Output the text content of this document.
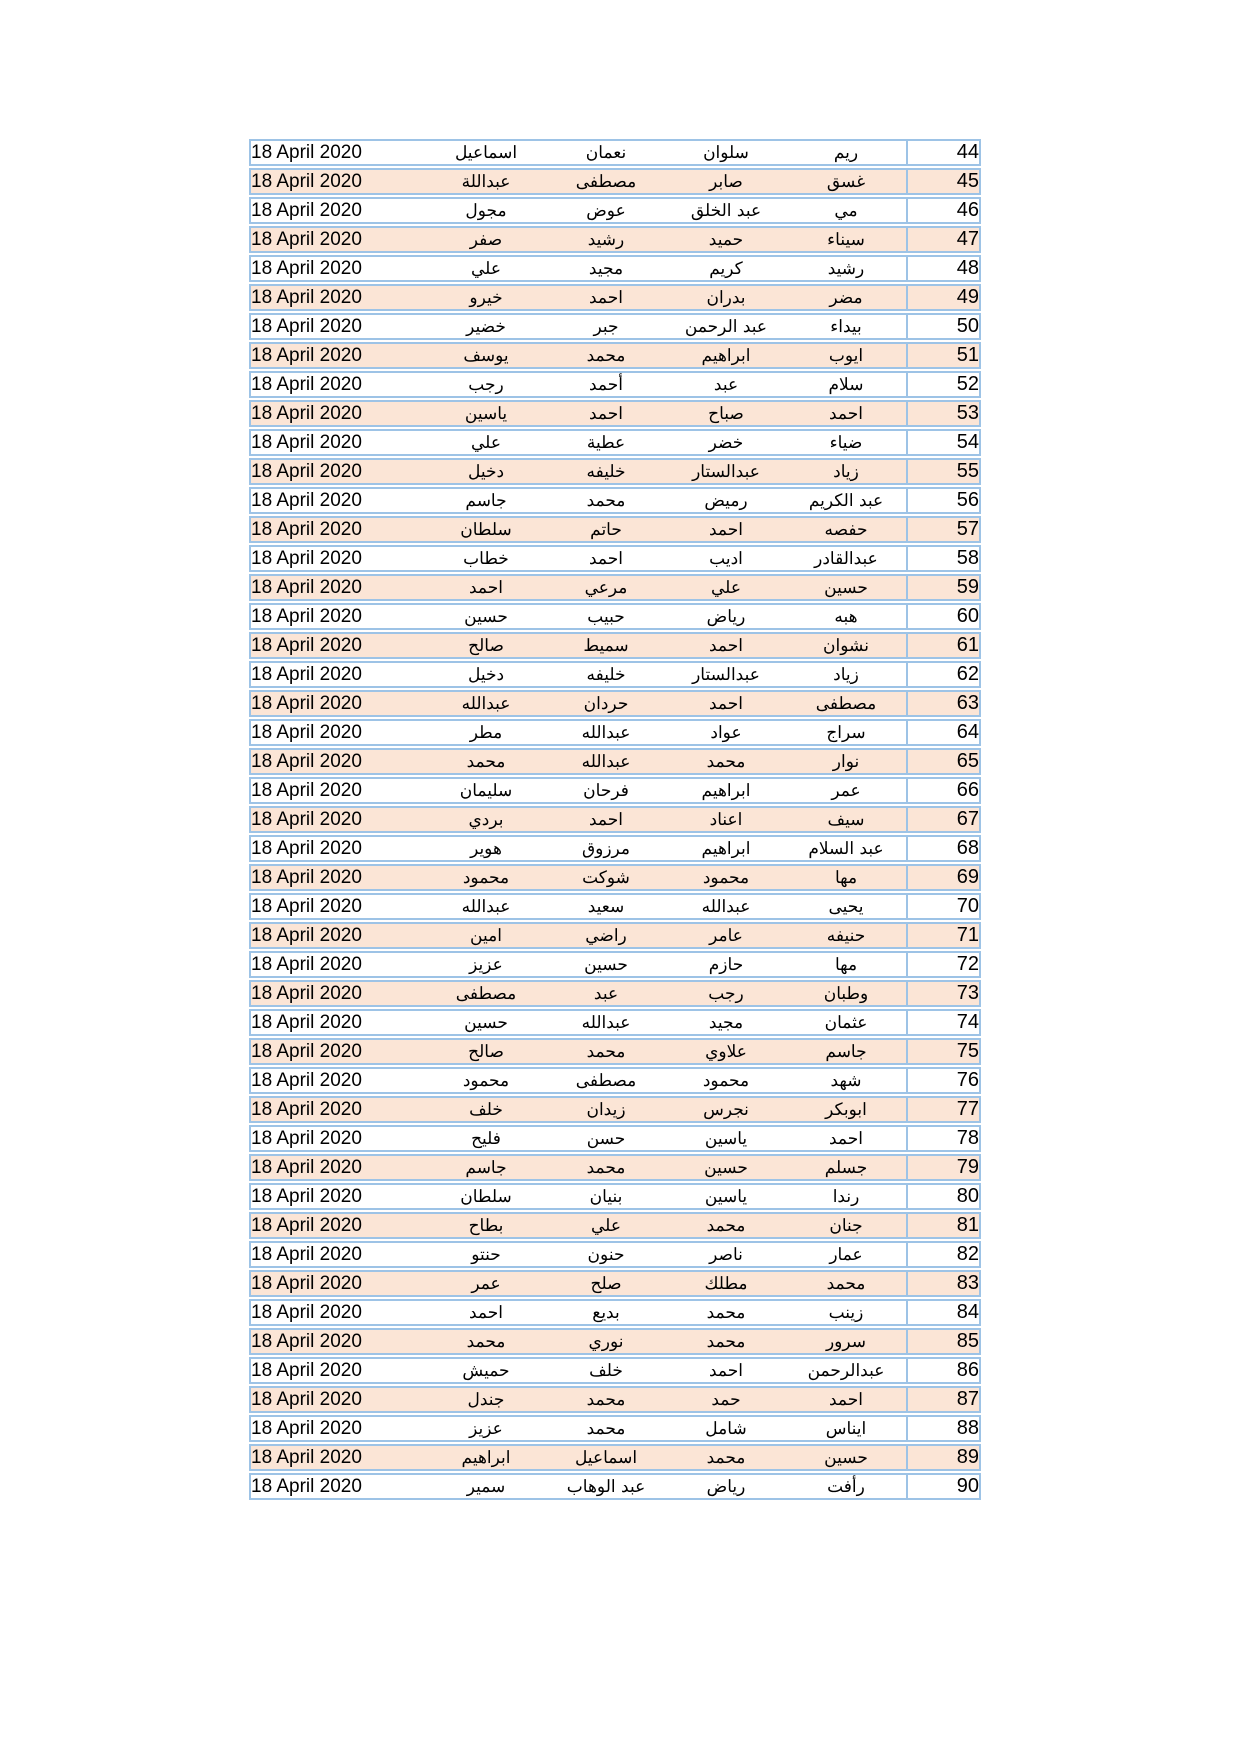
18 April 2020	اسماعيل	نعمان	سلوان	ريم	44
18 April 2020	عبداللة	مصطفى	صابر	غسق	45
18 April 2020	مجول	عوض	عبد الخلق	مي	46
18 April 2020	صفر	رشيد	حميد	سيناء	47
18 April 2020	علي	مجيد	كريم	رشيد	48
18 April 2020	خيرو	احمد	بدران	مضر	49
18 April 2020	خضير	جبر	عبد الرحمن	بيداء	50
18 April 2020	يوسف	محمد	ابراهيم	ايوب	51
18 April 2020	رجب	أحمد	عبد	سلام	52
18 April 2020	ياسين	احمد	صباح	احمد	53
18 April 2020	علي	عطية	خضر	ضياء	54
18 April 2020	دخيل	خليفه	عبدالستار	زياد	55
18 April 2020	جاسم	محمد	رميض	عبد الكريم	56
18 April 2020	سلطان	حاتم	احمد	حفصه	57
18 April 2020	خطاب	احمد	اديب	عبدالقادر	58
18 April 2020	احمد	مرعي	علي	حسين	59
18 April 2020	حسين	حبيب	رياض	هبه	60
18 April 2020	صالح	سميط	احمد	نشوان	61
18 April 2020	دخيل	خليفه	عبدالستار	زياد	62
18 April 2020	عبدالله	حردان	احمد	مصطفى	63
18 April 2020	مطر	عبدالله	عواد	سراج	64
18 April 2020	محمد	عبدالله	محمد	نوار	65
18 April 2020	سليمان	فرحان	ابراهيم	عمر	66
18 April 2020	بردي	احمد	اعناد	سيف	67
18 April 2020	هوير	مرزوق	ابراهيم	عبد السلام	68
18 April 2020	محمود	شوكت	محمود	مها	69
18 April 2020	عبدالله	سعيد	عبدالله	يحيى	70
18 April 2020	امين	راضي	عامر	حنيفه	71
18 April 2020	عزيز	حسين	حازم	مها	72
18 April 2020	مصطفى	عبد	رجب	وطبان	73
18 April 2020	حسين	عبدالله	مجيد	عثمان	74
18 April 2020	صالح	محمد	علاوي	جاسم	75
18 April 2020	محمود	مصطفى	محمود	شهد	76
18 April 2020	خلف	زيدان	نجرس	ابوبكر	77
18 April 2020	فليح	حسن	ياسين	احمد	78
18 April 2020	جاسم	محمد	حسين	جسلم	79
18 April 2020	سلطان	بنيان	ياسين	رندا	80
18 April 2020	بطاح	علي	محمد	جنان	81
18 April 2020	حنتو	حنون	ناصر	عمار	82
18 April 2020	عمر	صلح	مطلك	محمد	83
18 April 2020	احمد	بديع	محمد	زينب	84
18 April 2020	محمد	نوري	محمد	سرور	85
18 April 2020	حميش	خلف	احمد	عبدالرحمن	86
18 April 2020	جندل	محمد	حمد	احمد	87
18 April 2020	عزيز	محمد	شامل	ايناس	88
18 April 2020	ابراهيم	اسماعيل	محمد	حسين	89
18 April 2020	سمير	عبد الوهاب	رياض	رأفت	90
